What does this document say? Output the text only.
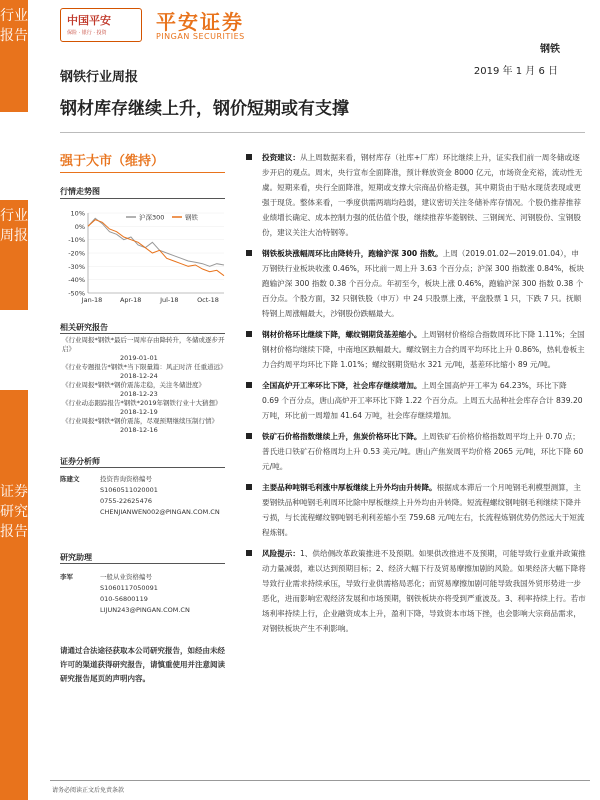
行业报告
行业周报
证券研究报告
中国平安
保险 · 银行 · 投资 平安证券
PINGAN SECURITIES
钢铁
2019 年 1 月 6 日
钢铁行业周报
钢材库存继续上升，钢价短期或有支撑
强于大市（维持）
行情走势图
10%
0%
-10%
-20%
-30%
-40%
-50%
Jan-18	Apr-18	Jul-18	Oct-18
沪深300	钢铁
相关研究报告

《行业周报*钢铁*最后一周库存由降转升，冬储或逐步开启》
2019-01-01

《行业专题报告*钢铁*当下限量篇：风正时济 任重道远》
2018-12-24

《行业周报*钢铁*钢价震荡走稳，关注冬储进度》
2018-12-23

《行业动态跟踪报告*钢铁*2019年钢铁行业十大猜想》
2018-12-19

《行业周报*钢铁*钢价震荡，尽观预期继续压制行情》
2018-12-16

证券分析师
陈建文	投资咨询资格编号
S1060511020001
0755-22625476
CHENJIANWEN002@PINGAN.COM.CN
研究助理
李军	一般从业资格编号
S1060117050091
010-56800119
LIJUN243@PINGAN.COM.CN
请通过合法途径获取本公司研究报告，如经由未经许可的渠道获得研究报告，请慎重使用并注意阅读研究报告尾页的声明内容。
投资建议：从上周数据来看，钢材库存（社库+厂库）环比继续上升，证实我们前一周冬储或逐步开启的观点。周末，央行宣布全面降准，预计释放资金 8000 亿元，市场资金充裕，流动性无虞。短期来看，央行全面降准，短期或支撑大宗商品价格走强，其中期货由于贴水现货表现或更强于现货。整体来看，一季度供需两端均趋弱，建议密切关注冬储补库存情况。个股仍推荐推荐业绩增长确定、成本控制力强的低估值个股，继续推荐华菱钢铁、三钢闽光、河钢股份、宝钢股份，建议关注大冶特钢等。
钢铁板块涨幅周环比由降转升，跑输沪深 300 指数。上周（2019.01.02—2019.01.04），申万钢铁行业板块收涨 0.46%，环比前一周上升 3.63 个百分点；沪深 300 指数涨 0.84%，板块跑输沪深 300 指数 0.38 个百分点。年初至今，板块上涨 0.46%，跑输沪深 300 指数 0.38 个百分点。个股方面，32 只钢铁股（申万）中 24 只股票上涨，平盘股票 1 只，下跌 7 只。抚顺特钢上周涨幅最大，沙钢股份跌幅最大。
钢材价格环比继续下降，螺纹钢期货基差缩小。上周钢材价格综合指数周环比下降 1.11%；全国钢材价格均继续下降，中南地区跌幅最大。螺纹钢主力合约周平均环比上升 0.86%，热轧卷板主力合约周平均环比下降 1.01%；螺纹钢期货贴水 321 元/吨，基差环比缩小 89 元/吨。
全国高炉开工率环比下降，社会库存继续增加。上周全国高炉开工率为 64.23%，环比下降 0.69 个百分点，唐山高炉开工率环比下降 1.22 个百分点。上周五大品种社会库存合计 839.20 万吨，环比前一周增加 41.64 万吨，社会库存继续增加。
铁矿石价格指数继续上升，焦炭价格环比下降。上周铁矿石价格价格指数周平均上升 0.70 点；普氏进口铁矿石价格周均上升 0.53 美元/吨。唐山产焦炭周平均价格 2065 元/吨，环比下降 60 元/吨。
主要品种吨钢毛利涨中厚板继续上升外均由升转降。根据成本滞后一个月吨钢毛利模型测算，主要钢铁品种吨钢毛利周环比除中厚板继续上升外均由升转降。短流程螺纹钢吨钢毛利继续下降并亏损，与长流程螺纹钢吨钢毛利利差缩小至 759.68 元/吨左右，长流程炼钢优势仍然远大于短流程炼钢。
风险提示：1、供给侧改革政策推进不及预期。如果供改推进不及预期，可能导致行业重并政策推动力量减弱，难以达到预期目标；2、经济大幅下行及贸易摩擦加剧的风险。如果经济大幅下降将导致行业需求持续承压，导致行业供需格局恶化；而贸易摩擦加剧可能导致我国外贸形势进一步恶化，进而影响宏观经济发展和市场预期，钢铁板块亦将受到严重波及。3、利率持续上行。若市场利率持续上行，企业融资成本上升，盈利下降，导致资本市场下挫，也会影响大宗商品需求，对钢铁板块产生不利影响。
请务必阅读正文后免责条款
